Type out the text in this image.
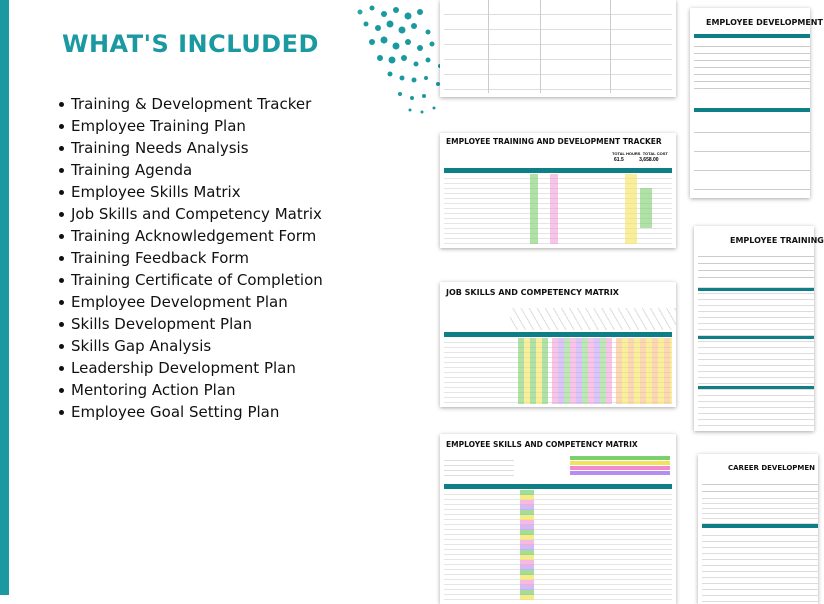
WHAT'S INCLUDED
Training & Development Tracker
Employee Training Plan
Training Needs Analysis
Training Agenda
Employee Skills Matrix
Job Skills and Competency Matrix
Training Acknowledgement Form
Training Feedback Form
Training Certificate of Completion
Employee Development Plan
Skills Development Plan
Skills Gap Analysis
Leadership Development Plan
Mentoring Action Plan
Employee Goal Setting Plan
EMPLOYEE DEVELOPMENT
EMPLOYEE TRAINING AND DEVELOPMENT TRACKER
TOTAL HOURS TOTAL COST
61.5	3,658.00
JOB SKILLS AND COMPETENCY MATRIX
EMPLOYEE SKILLS AND COMPETENCY MATRIX
EMPLOYEE TRAINING
CAREER DEVELOPMEN
